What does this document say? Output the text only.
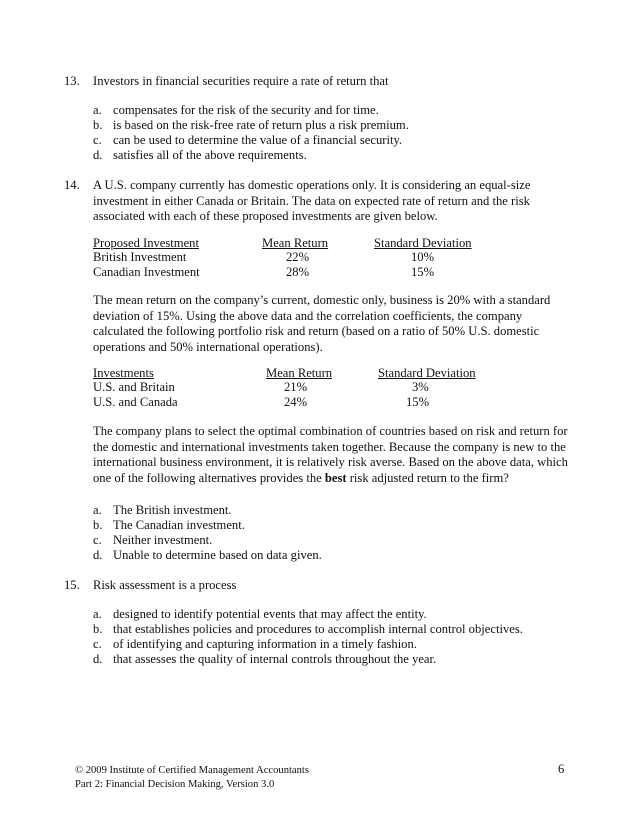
13. Investors in financial securities require a rate of return that
a. compensates for the risk of the security and for time.
b. is based on the risk-free rate of return plus a risk premium.
c. can be used to determine the value of a financial security.
d. satisfies all of the above requirements.
14. A U.S. company currently has domestic operations only. It is considering an equal-size investment in either Canada or Britain. The data on expected rate of return and the risk associated with each of these proposed investments are given below.
Proposed Investment	Mean Return	Standard Deviation
British Investment	22%	10%
Canadian Investment	28%	15%
The mean return on the company’s current, domestic only, business is 20% with a standard deviation of 15%. Using the above data and the correlation coefficients, the company calculated the following portfolio risk and return (based on a ratio of 50% U.S. domestic operations and 50% international operations).
Investments	Mean Return	Standard Deviation
U.S. and Britain	21%	3%
U.S. and Canada	24%	15%
The company plans to select the optimal combination of countries based on risk and return for the domestic and international investments taken together. Because the company is new to the international business environment, it is relatively risk averse. Based on the above data, which one of the following alternatives provides the best risk adjusted return to the firm?
a. The British investment.
b. The Canadian investment.
c. Neither investment.
d. Unable to determine based on data given.
15. Risk assessment is a process
a. designed to identify potential events that may affect the entity.
b. that establishes policies and procedures to accomplish internal control objectives.
c. of identifying and capturing information in a timely fashion.
d. that assesses the quality of internal controls throughout the year.
© 2009 Institute of Certified Management Accountants
Part 2: Financial Decision Making, Version 3.0
6
